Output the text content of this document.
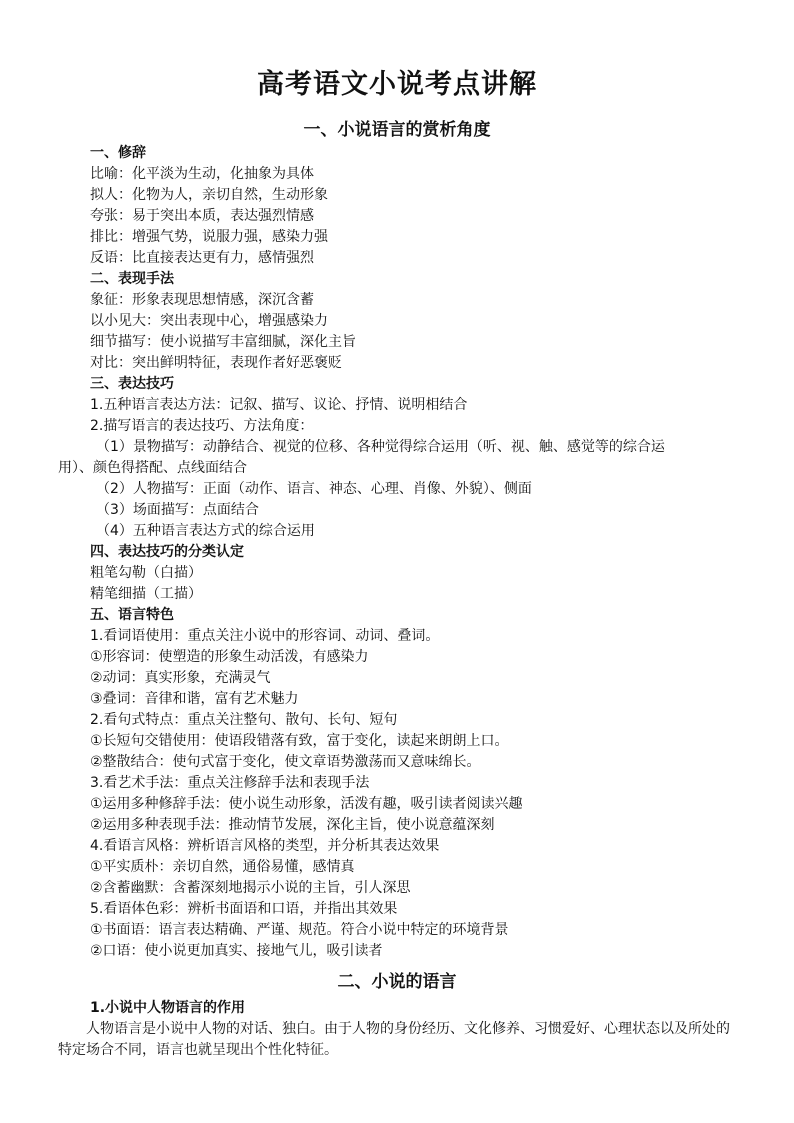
高考语文小说考点讲解
一、小说语言的赏析角度
一、修辞
比喻：化平淡为生动，化抽象为具体
拟人：化物为人，亲切自然，生动形象
夸张：易于突出本质，表达强烈情感
排比：增强气势，说服力强，感染力强
反语：比直接表达更有力，感情强烈
二、表现手法
象征：形象表现思想情感，深沉含蓄
以小见大：突出表现中心，增强感染力
细节描写：使小说描写丰富细腻，深化主旨
对比：突出鲜明特征，表现作者好恶褒贬
三、表达技巧
1.五种语言表达方法：记叙、描写、议论、抒情、说明相结合
2.描写语言的表达技巧、方法角度：
（1）景物描写：动静结合、视觉的位移、各种觉得综合运用（听、视、触、感觉等的综合运
用）、颜色得搭配、点线面结合
（2）人物描写：正面（动作、语言、神态、心理、肖像、外貌）、侧面
（3）场面描写：点面结合
（4）五种语言表达方式的综合运用
四、表达技巧的分类认定
粗笔勾勒（白描）
精笔细描（工描）
五、语言特色
1.看词语使用：重点关注小说中的形容词、动词、叠词。
①形容词：使塑造的形象生动活泼，有感染力
②动词：真实形象，充满灵气
③叠词：音律和谐，富有艺术魅力
2.看句式特点：重点关注整句、散句、长句、短句
①长短句交错使用：使语段错落有致，富于变化，读起来朗朗上口。
②整散结合：使句式富于变化，使文章语势激荡而又意味绵长。
3.看艺术手法：重点关注修辞手法和表现手法
①运用多种修辞手法：使小说生动形象，活泼有趣，吸引读者阅读兴趣
②运用多种表现手法：推动情节发展，深化主旨，使小说意蕴深刻
4.看语言风格：辨析语言风格的类型，并分析其表达效果
①平实质朴：亲切自然，通俗易懂，感情真
②含蓄幽默：含蓄深刻地揭示小说的主旨，引人深思
5.看语体色彩：辨析书面语和口语，并指出其效果
①书面语：语言表达精确、严谨、规范。符合小说中特定的环境背景
②口语：使小说更加真实、接地气儿，吸引读者
二、小说的语言
1.小说中人物语言的作用

人物语言是小说中人物的对话、独白。由于人物的身份经历、文化修养、习惯爱好、心理状态以及所处的特定场合不同，语言也就呈现出个性化特征。
